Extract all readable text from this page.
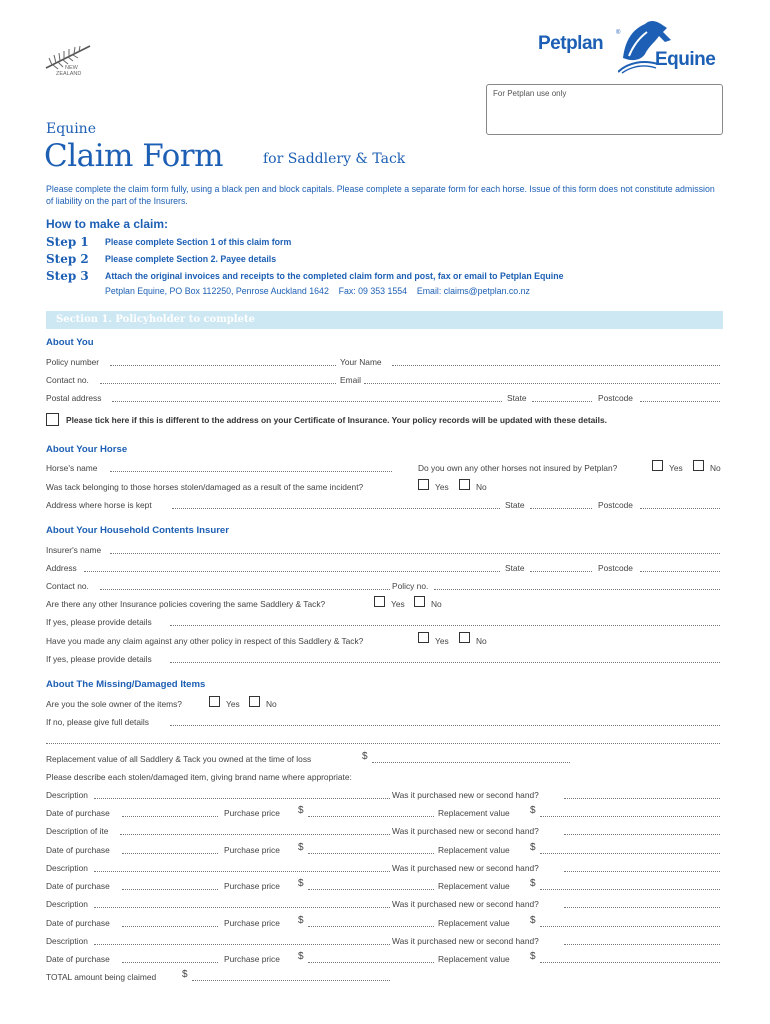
NEW
ZEALAND
Petplan ®
Equine
For Petplan use only
Equine
Claim Form	for Saddlery & Tack
Please complete the claim form fully, using a black pen and block capitals. Please complete a separate form for each horse. Issue of this form does not constitute admission of liability on the part of the Insurers.
How to make a claim:
Step 1 Please complete Section 1 of this claim form
Step 2 Please complete Section 2. Payee details
Step 3 Attach the original invoices and receipts to the completed claim form and post, fax or email to Petplan Equine
Petplan Equine, PO Box 112250, Penrose Auckland 1642    Fax: 09 353 1554    Email: claims@petplan.co.nz
Section 1. Policyholder to complete
About You
Policy number	Your Name
Contact no.	Email
Postal address	State	Postcode
Please tick here if this is different to the address on your Certificate of Insurance. Your policy records will be updated with these details.
About Your Horse
Horse's name	Do you own any other horses not insured by Petplan?	Yes	No
Was tack belonging to those horses stolen/damaged as a result of the same incident?	Yes	No
Address where horse is kept	State	Postcode
About Your Household Contents Insurer
Insurer's name
Address	State	Postcode
Contact no.	Policy no.
Are there any other Insurance policies covering the same Saddlery & Tack?	Yes	No
If yes, please provide details
Have you made any claim against any other policy in respect of this Saddlery & Tack?	Yes	No
If yes, please provide details
About The Missing/Damaged Items
Are you the sole owner of the items?	Yes	No
If no, please give full details
Replacement value of all Saddlery & Tack you owned at the time of loss	$
Please describe each stolen/damaged item, giving brand name where appropriate:
Description	Was it purchased new or second hand?
Date of purchase	Purchase price $	Replacement value $
Description of ite	Was it purchased new or second hand?
Date of purchase	Purchase price $	Replacement value $
Description	Was it purchased new or second hand?
Date of purchase	Purchase price $	Replacement value $
Description	Was it purchased new or second hand?
Date of purchase	Purchase price $	Replacement value $
Description	Was it purchased new or second hand?
Date of purchase	Purchase price $	Replacement value $
TOTAL amount being claimed	$
